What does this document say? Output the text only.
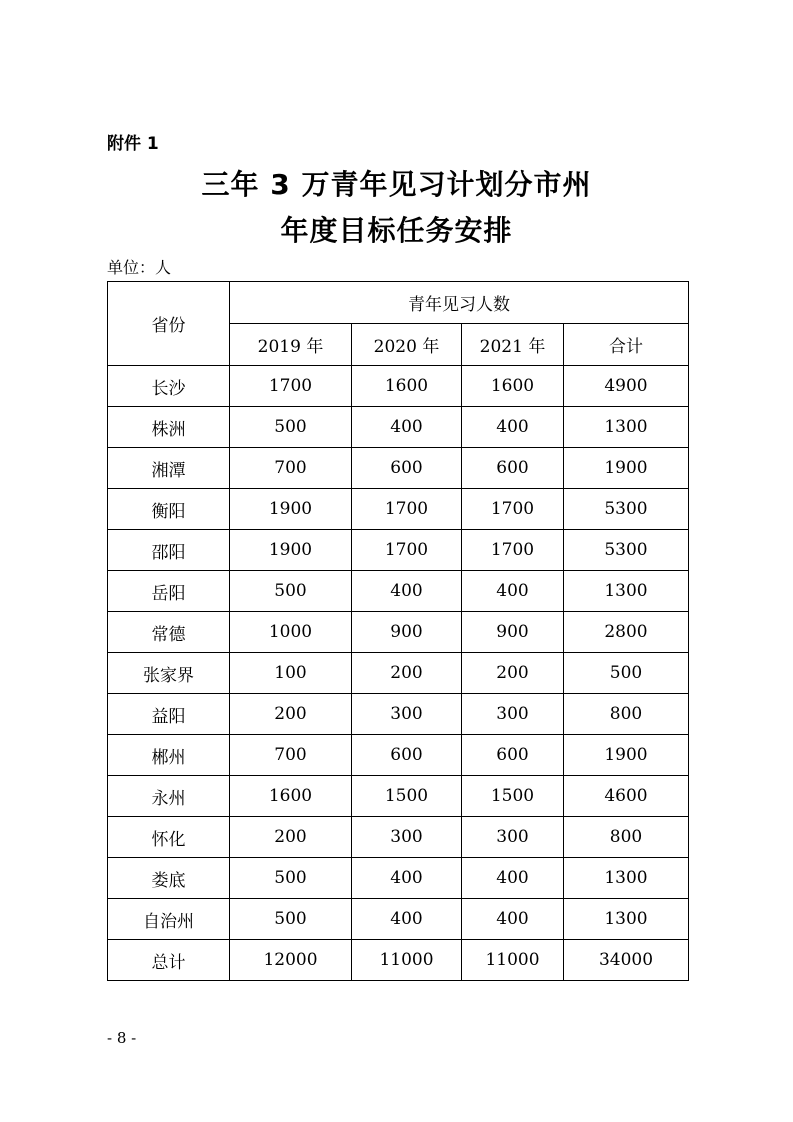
附件 1
三年 3 万青年见习计划分市州
年度目标任务安排
单位：人
省份	青年见习人数			
	2019 年	2020 年	2021 年	合计
长沙	1700	1600	1600	4900
株洲	500	400	400	1300
湘潭	700	600	600	1900
衡阳	1900	1700	1700	5300
邵阳	1900	1700	1700	5300
岳阳	500	400	400	1300
常德	1000	900	900	2800
张家界	100	200	200	500
益阳	200	300	300	800
郴州	700	600	600	1900
永州	1600	1500	1500	4600
怀化	200	300	300	800
娄底	500	400	400	1300
自治州	500	400	400	1300
总计	12000	11000	11000	34000
- 8 -
